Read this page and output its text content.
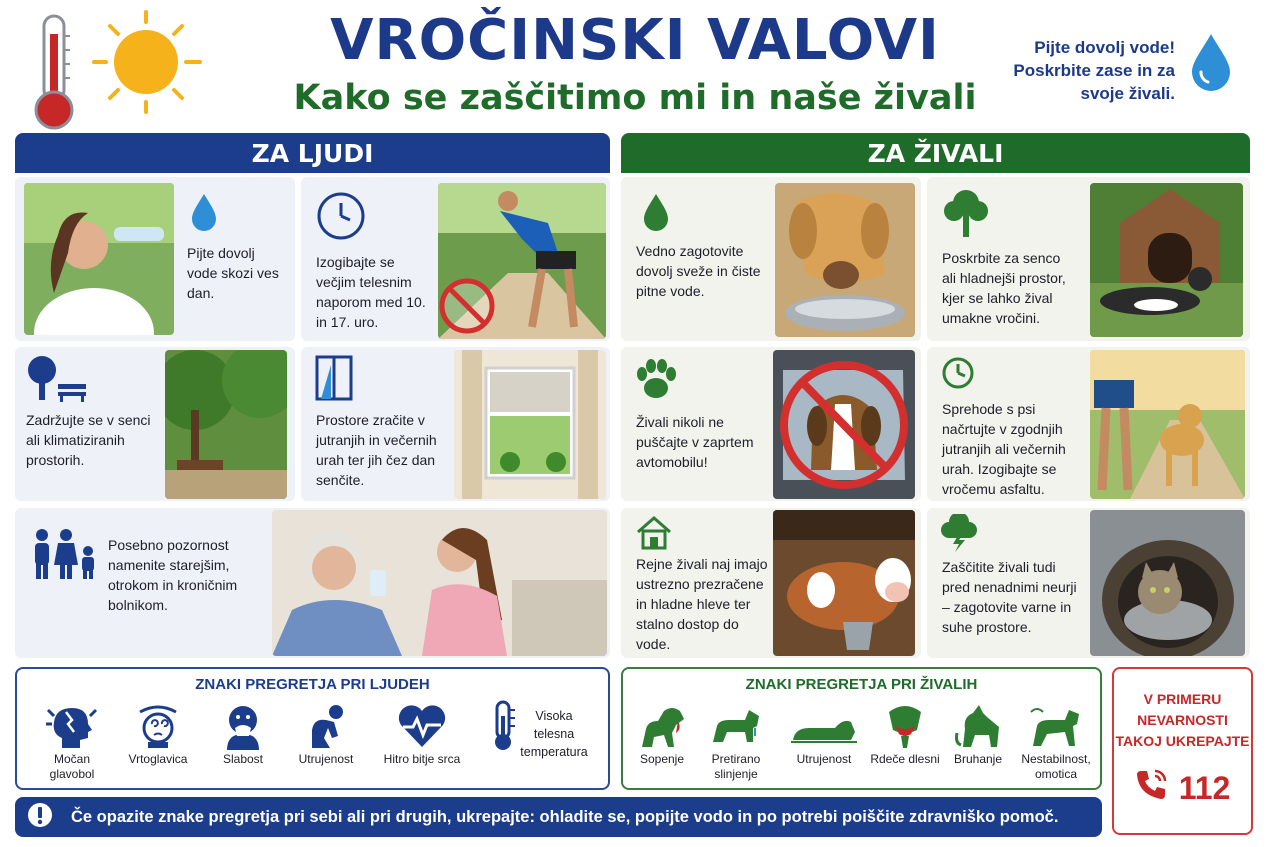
VROČINSKI VALOVI
Kako se zaščitimo mi in naše živali
Pijte dovolj vode!
Poskrbite zase in za
svoje živali.
ZA LJUDI	ZA ŽIVALI
Pijte dovolj vode skozi ves dan.
Izogibajte se večjim telesnim naporom med 10. in 17. uro.
Zadržujte se v senci ali klimatiziranih prostorih.
Prostore zračite v jutranjih in večernih urah ter jih čez dan senčite.
Posebno pozornost namenite starejšim, otrokom in kroničnim bolnikom.
Vedno zagotovite dovolj sveže in čiste pitne vode.
Poskrbite za senco ali hladnejši prostor, kjer se lahko žival umakne vročini.
Živali nikoli ne puščajte v zaprtem avtomobilu!
Sprehode s psi načrtujte v zgodnjih jutranjih ali večernih urah. Izogibajte se vročemu asfaltu.
Rejne živali naj imajo ustrezno prezračene in hladne hleve ter stalno dostop do vode.
Zaščitite živali tudi pred nenadnimi neurji – zagotovite varne in suhe prostore.
ZNAKI PREGRETJA PRI LJUDEH
Močan glavobol
Vrtoglavica	Slabost	Utrujenost	Hitro bitje srca
Visoka telesna temperatura
ZNAKI PREGRETJA PRI ŽIVALIH
Sopenje	Pretirano slinjenje
Utrujenost	Rdeče dlesni	Bruhanje	Nestabilnost, omotica
V PRIMERU
NEVARNOSTI
TAKOJ UKREPAJTE
112
Če opazite znake pregretja pri sebi ali pri drugih, ukrepajte: ohladite se, popijte vodo in po potrebi poiščite zdravniško pomoč.
